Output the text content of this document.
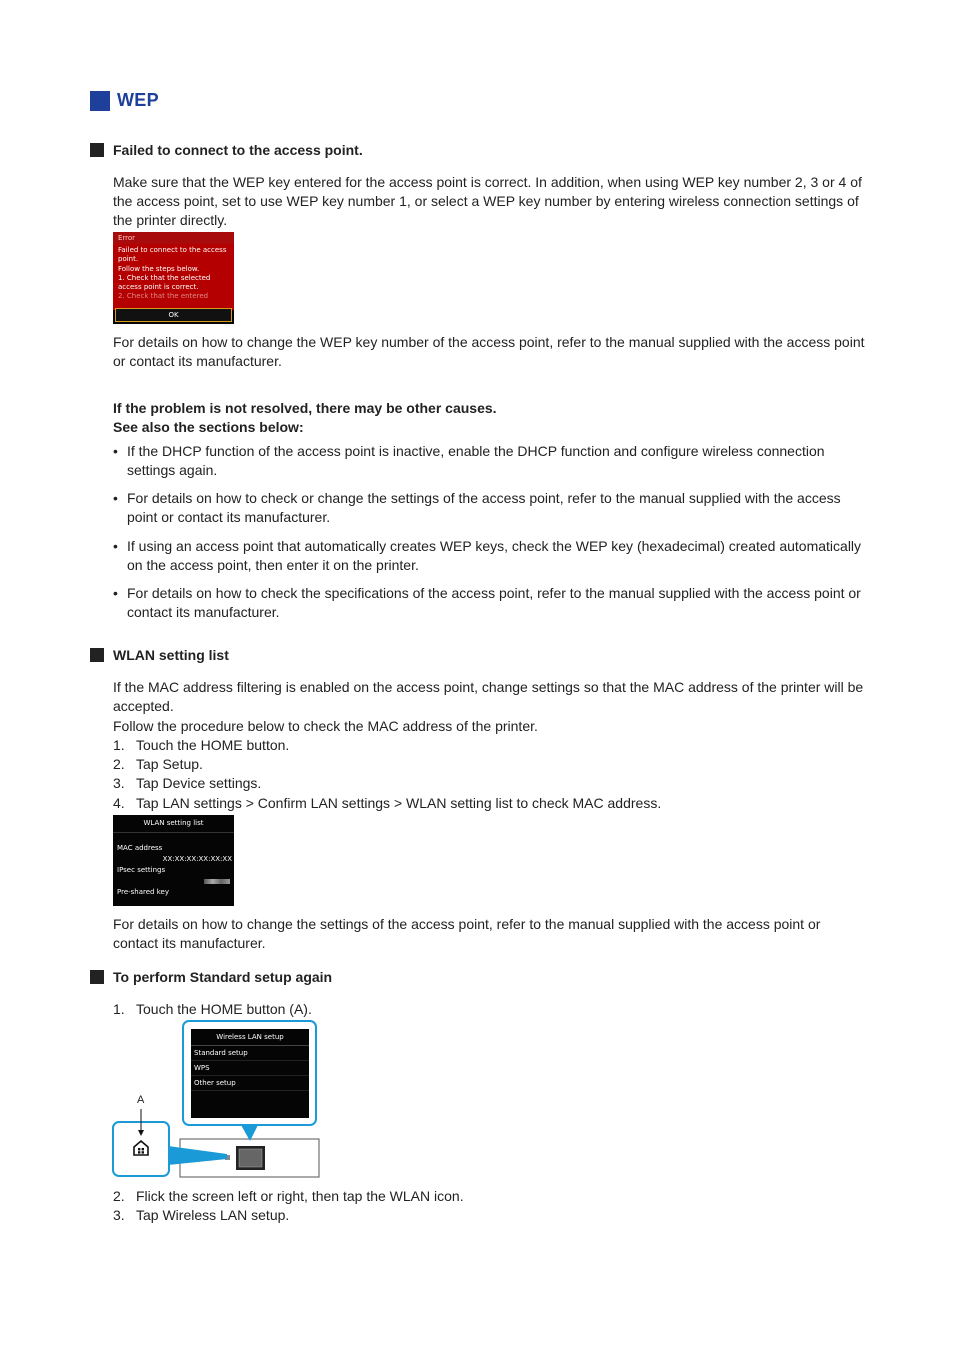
WEP
Failed to connect to the access point.
Make sure that the WEP key entered for the access point is correct. In addition, when using WEP key number 2, 3 or 4 of the access point, set to use WEP key number 1, or select a WEP key number by entering wireless connection settings of the printer directly.
Error
Failed to connect to the access
point.
Follow the steps below.
1. Check that the selected
access point is correct.
2. Check that the entered
OK
For details on how to change the WEP key number of the access point, refer to the manual supplied with the access point or contact its manufacturer.
If the problem is not resolved, there may be other causes.
See also the sections below:
• If the DHCP function of the access point is inactive, enable the DHCP function and configure wireless connection settings again.
• For details on how to check or change the settings of the access point, refer to the manual supplied with the access point or contact its manufacturer.
• If using an access point that automatically creates WEP keys, check the WEP key (hexadecimal) created automatically on the access point, then enter it on the printer.
• For details on how to check the specifications of the access point, refer to the manual supplied with the access point or contact its manufacturer.
WLAN setting list
If the MAC address filtering is enabled on the access point, change settings so that the MAC address of the printer will be accepted.
Follow the procedure below to check the MAC address of the printer.
1. Touch the HOME button.
2. Tap Setup.
3. Tap Device settings.
4. Tap LAN settings > Confirm LAN settings > WLAN setting list to check MAC address.
WLAN setting list
MAC address
XX:XX:XX:XX:XX:XX
IPsec settings
Pre-shared key
For details on how to change the settings of the access point, refer to the manual supplied with the access point or contact its manufacturer.
To perform Standard setup again
1. Touch the HOME button (A).
A
Wireless LAN setup
Standard setup
WPS
Other setup
2. Flick the screen left or right, then tap the WLAN icon.
3. Tap Wireless LAN setup.
